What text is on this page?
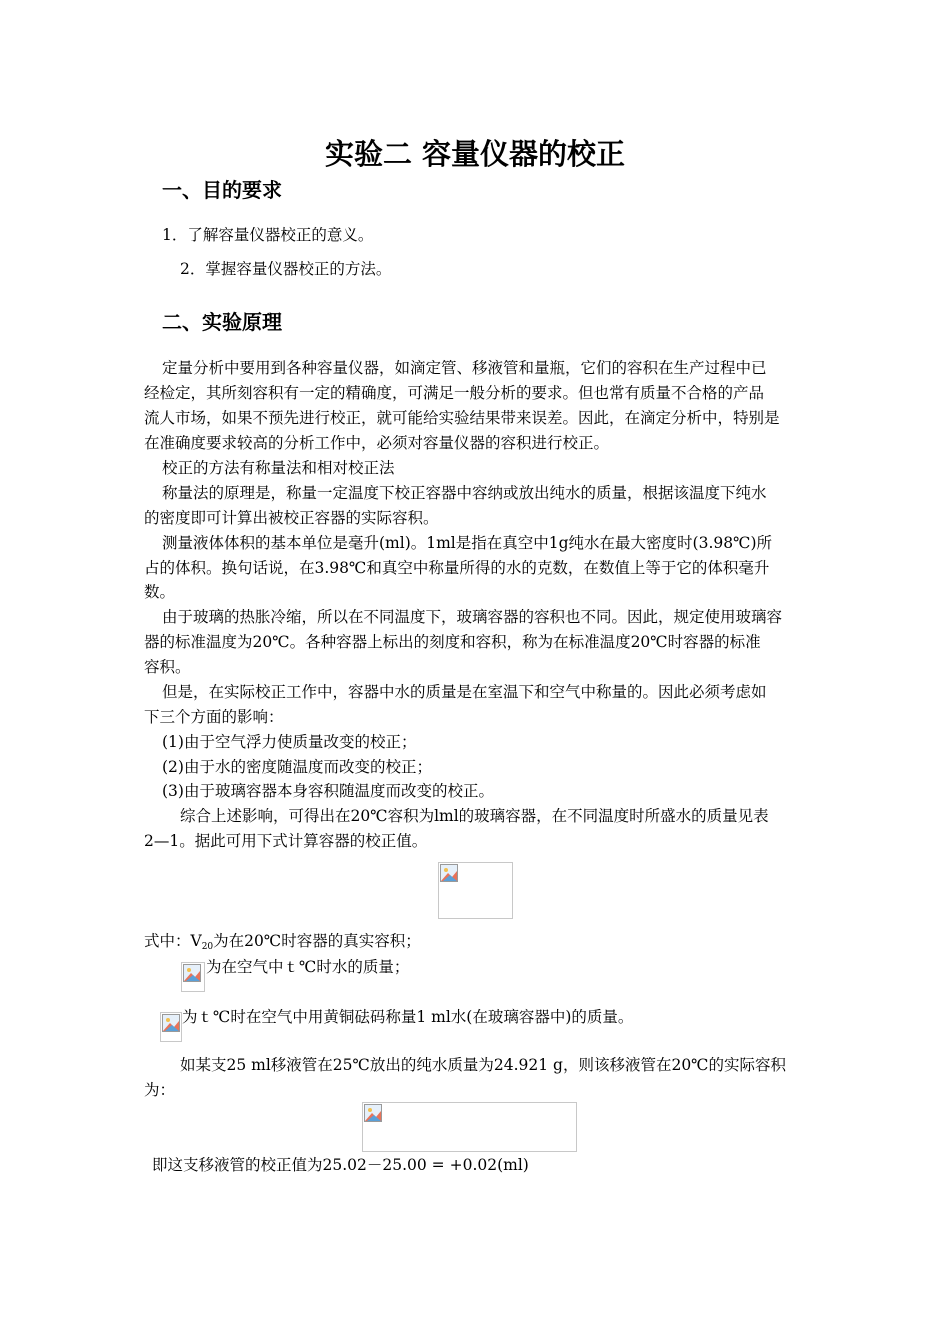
实验二 容量仪器的校正
一、目的要求
1．了解容量仪器校正的意义。
2．掌握容量仪器校正的方法。
二、实验原理
定量分析中要用到各种容量仪器，如滴定管、移液管和量瓶，它们的容积在生产过程中已
经检定，其所刻容积有一定的精确度，可满足一般分析的要求。但也常有质量不合格的产品
流人市场，如果不预先进行校正，就可能给实验结果带来误差。因此，在滴定分析中，特别是
在准确度要求较高的分析工作中，必须对容量仪器的容积进行校正。
校正的方法有称量法和相对校正法
称量法的原理是，称量一定温度下校正容器中容纳或放出纯水的质量，根据该温度下纯水
的密度即可计算出被校正容器的实际容积。
测量液体体积的基本单位是毫升(ml)。1ml是指在真空中1g纯水在最大密度时(3.98℃)所
占的体积。换句话说，在3.98℃和真空中称量所得的水的克数，在数值上等于它的体积毫升
数。
由于玻璃的热胀冷缩，所以在不同温度下，玻璃容器的容积也不同。因此，规定使用玻璃容
器的标准温度为20℃。各种容器上标出的刻度和容积，称为在标准温度20℃时容器的标准
容积。
但是，在实际校正工作中，容器中水的质量是在室温下和空气中称量的。因此必须考虑如
下三个方面的影响：
(1)由于空气浮力使质量改变的校正；
(2)由于水的密度随温度而改变的校正；
(3)由于玻璃容器本身容积随温度而改变的校正。
综合上述影响，可得出在20℃容积为lml的玻璃容器，在不同温度时所盛水的质量见表
2—1。据此可用下式计算容器的校正值。
式中：V20为在20℃时容器的真实容积；
为在空气中ｔ℃时水的质量；
为ｔ℃时在空气中用黄铜砝码称量1 ml水(在玻璃容器中)的质量。
如某支25 ml移液管在25℃放出的纯水质量为24.921 g，则该移液管在20℃的实际容积
为：
即这支移液管的校正值为25.02－25.00 = +0.02(ml)
